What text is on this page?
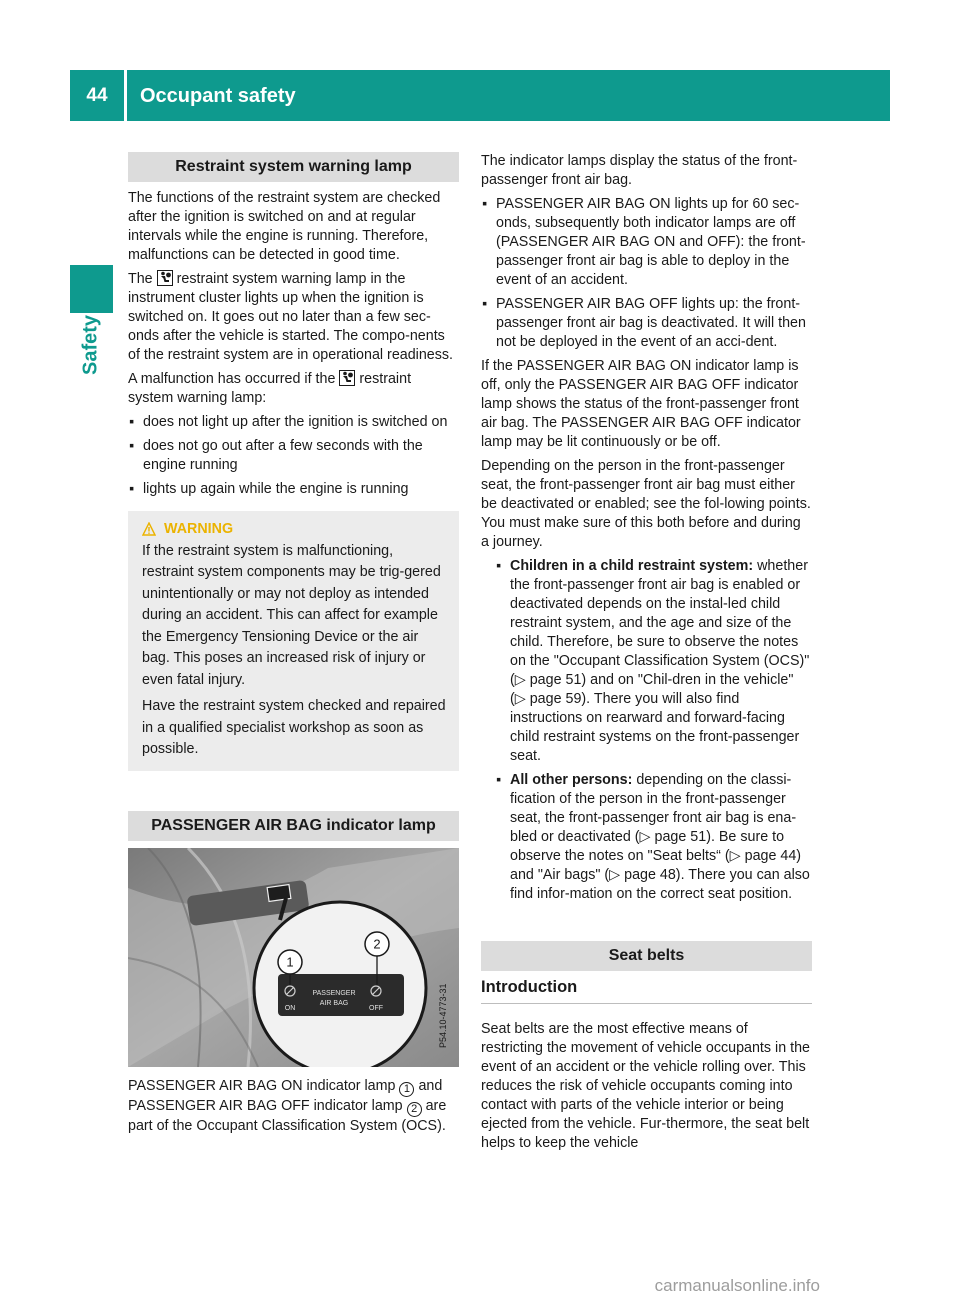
44	Occupant safety
Safety
Restraint system warning lamp

The functions of the restraint system are checked after the ignition is switched on and at regular intervals while the engine is running. Therefore, malfunctions can be detected in good time.

The restraint system warning lamp in the instrument cluster lights up when the ignition is switched on. It goes out no later than a few sec-onds after the vehicle is started. The compo-nents of the restraint system are in operational readiness.

A malfunction has occurred if the restraint system warning lamp:

▪ does not light up after the ignition is switched on
▪ does not go out after a few seconds with the engine running
▪ lights up again while the engine is running
WARNING

If the restraint system is malfunctioning, restraint system components may be trig-gered unintentionally or may not deploy as intended during an accident. This can affect for example the Emergency Tensioning Device or the air bag. This poses an increased risk of injury or even fatal injury.

Have the restraint system checked and repaired in a qualified specialist workshop as soon as possible.

PASSENGER AIR BAG indicator lamp
1
2
PASSENGER
AIR BAG
ON	OFF	P54.10-4773-31

PASSENGER AIR BAG ON indicator lamp 1 and PASSENGER AIR BAG OFF indicator lamp 2 are part of the Occupant Classification System (OCS).

The indicator lamps display the status of the front-passenger front air bag.

▪ PASSENGER AIR BAG ON lights up for 60 sec-onds, subsequently both indicator lamps are off (PASSENGER AIR BAG ON and OFF): the front-passenger front air bag is able to deploy in the event of an accident.
▪ PASSENGER AIR BAG OFF lights up: the front-passenger front air bag is deactivated. It will then not be deployed in the event of an acci-dent.

If the PASSENGER AIR BAG ON indicator lamp is off, only the PASSENGER AIR BAG OFF indicator lamp shows the status of the front-passenger front air bag. The PASSENGER AIR BAG OFF indicator lamp may be lit continuously or be off.

Depending on the person in the front-passenger seat, the front-passenger front air bag must either be deactivated or enabled; see the fol-lowing points. You must make sure of this both before and during a journey.

▪ Children in a child restraint system: whether the front-passenger front air bag is enabled or deactivated depends on the instal-led child restraint system, and the age and size of the child. Therefore, be sure to observe the notes on the "Occupant Classification System (OCS)" (▷ page 51) and on "Chil-dren in the vehicle" (▷ page 59). There you will also find instructions on rearward and forward-facing child restraint systems on the front-passenger seat.
▪ All other persons: depending on the classi-fication of the person in the front-passenger seat, the front-passenger front air bag is ena-bled or deactivated (▷ page 51). Be sure to observe the notes on "Seat belts“ (▷ page 44) and "Air bags" (▷ page 48). There you can also find infor-mation on the correct seat position.
Seat belts
Introduction

Seat belts are the most effective means of restricting the movement of vehicle occupants in the event of an accident or the vehicle rolling over. This reduces the risk of vehicle occupants coming into contact with parts of the vehicle interior or being ejected from the vehicle. Fur-thermore, the seat belt helps to keep the vehicle

carmanualsonline.info
